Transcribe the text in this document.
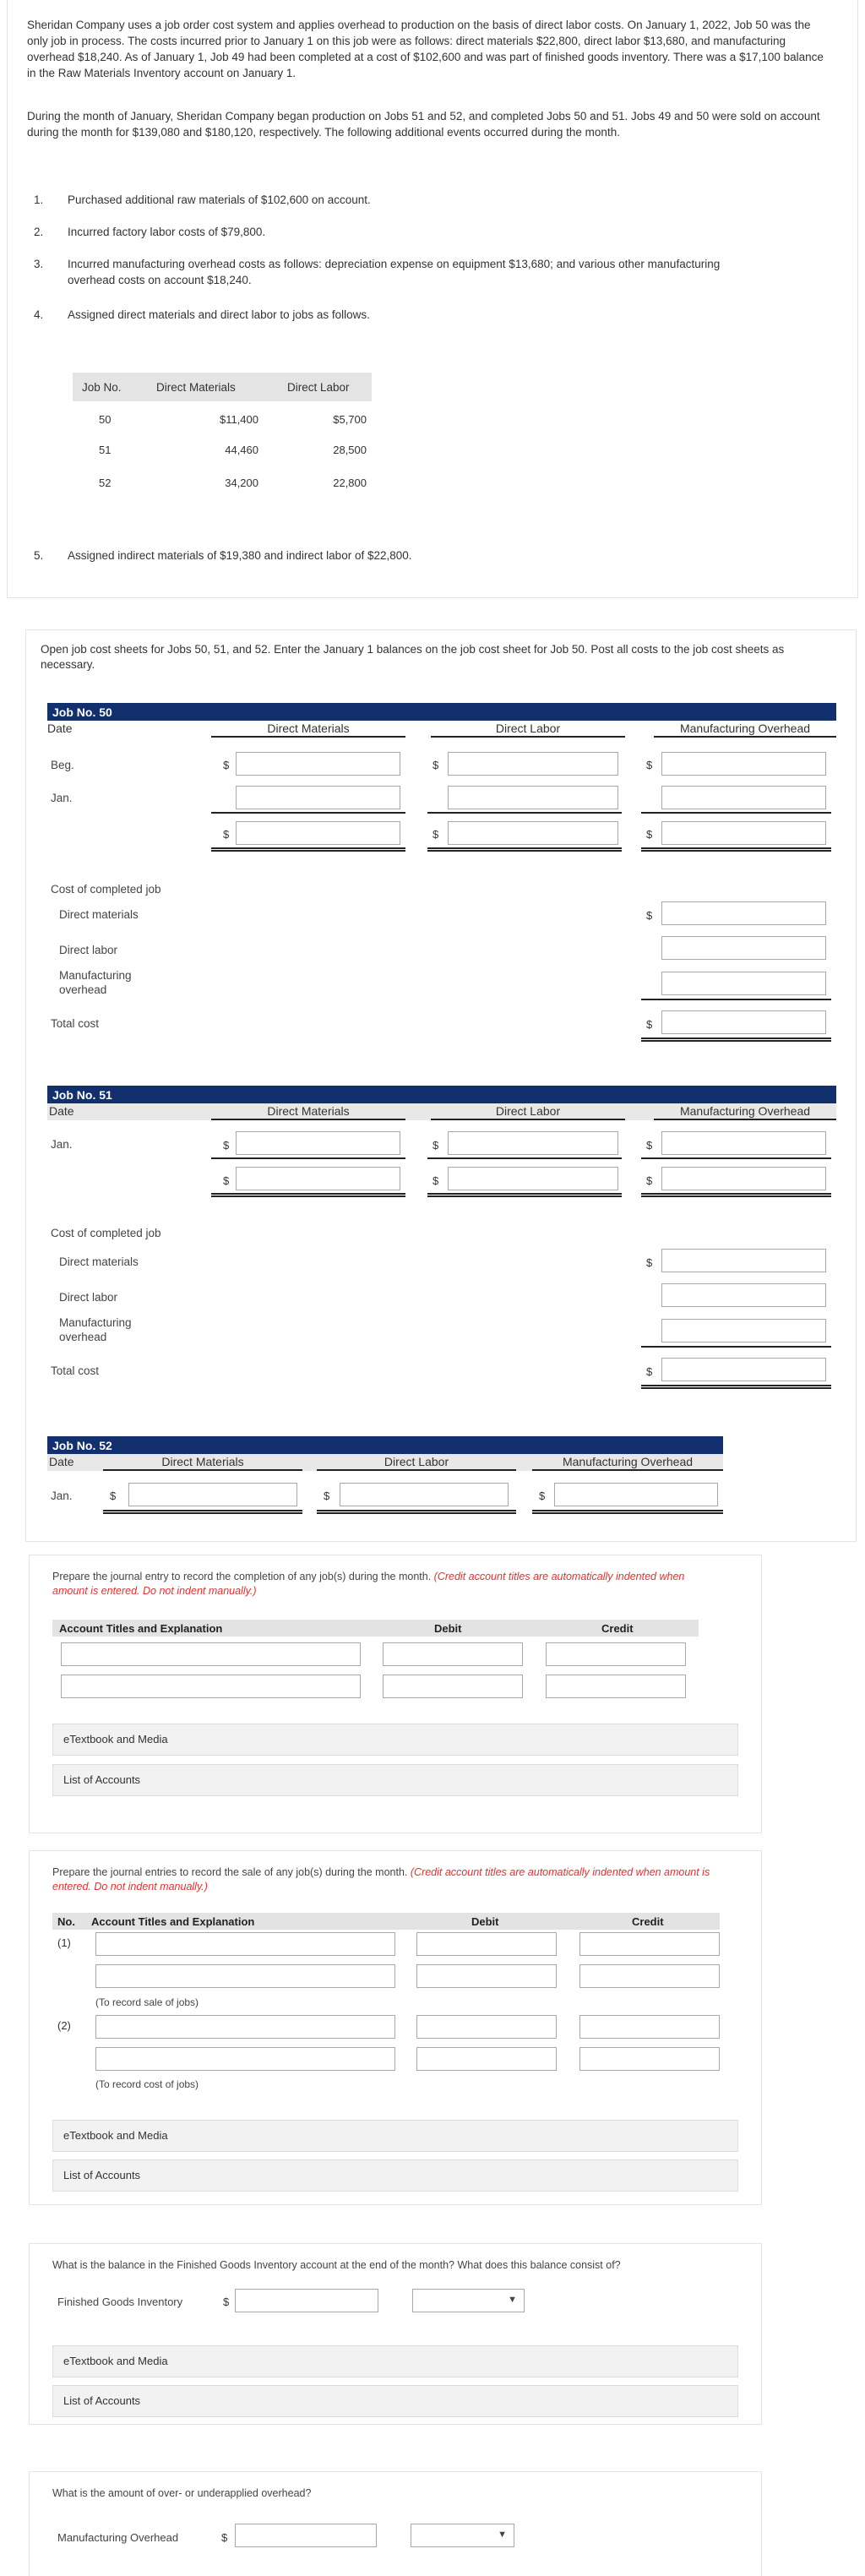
Sheridan Company uses a job order cost system and applies overhead to production on the basis of direct labor costs. On January 1, 2022, Job 50 was the only job in process. The costs incurred prior to January 1 on this job were as follows: direct materials $22,800, direct labor $13,680, and manufacturing overhead $18,240. As of January 1, Job 49 had been completed at a cost of $102,600 and was part of finished goods inventory. There was a $17,100 balance in the Raw Materials Inventory account on January 1.
During the month of January, Sheridan Company began production on Jobs 51 and 52, and completed Jobs 50 and 51. Jobs 49 and 50 were sold on account during the month for $139,080 and $180,120, respectively. The following additional events occurred during the month.
1. Purchased additional raw materials of $102,600 on account.
2. Incurred factory labor costs of $79,800.
3. Incurred manufacturing overhead costs as follows: depreciation expense on equipment $13,680; and various other manufacturing overhead costs on account $18,240.
4. Assigned direct materials and direct labor to jobs as follows.
Job No.	Direct Materials	Direct Labor
50	$11,400	$5,700
51	44,460	28,500
52	34,200	22,800
5. Assigned indirect materials of $19,380 and indirect labor of $22,800.
Open job cost sheets for Jobs 50, 51, and 52. Enter the January 1 balances on the job cost sheet for Job 50. Post all costs to the job cost sheets as necessary.
Job No. 50
Date	Direct Materials	Direct Labor	Manufacturing Overhead
Beg.	$	$	$
Jan.
$	$	$
Cost of completed job
Direct materials	$
Direct labor
Manufacturing overhead
Total cost	$
Job No. 51
Date	Direct Materials	Direct Labor	Manufacturing Overhead
Jan.	$	$	$
$	$	$
Cost of completed job
Direct materials	$
Direct labor
Manufacturing overhead
Total cost	$
Job No. 52
Date	Direct Materials	Direct Labor	Manufacturing Overhead
Jan.	$	$	$
Prepare the journal entry to record the completion of any job(s) during the month. (Credit account titles are automatically indented when amount is entered. Do not indent manually.)
Account Titles and Explanation	Debit	Credit
eTextbook and Media
List of Accounts
Prepare the journal entries to record the sale of any job(s) during the month. (Credit account titles are automatically indented when amount is entered. Do not indent manually.)
No. Account Titles and Explanation	Debit	Credit
(1)
(To record sale of jobs)
(2)
(To record cost of jobs)
eTextbook and Media
List of Accounts
What is the balance in the Finished Goods Inventory account at the end of the month? What does this balance consist of?
Finished Goods Inventory	$	▼
eTextbook and Media
List of Accounts
What is the amount of over- or underapplied overhead?
Manufacturing Overhead	$	▼
